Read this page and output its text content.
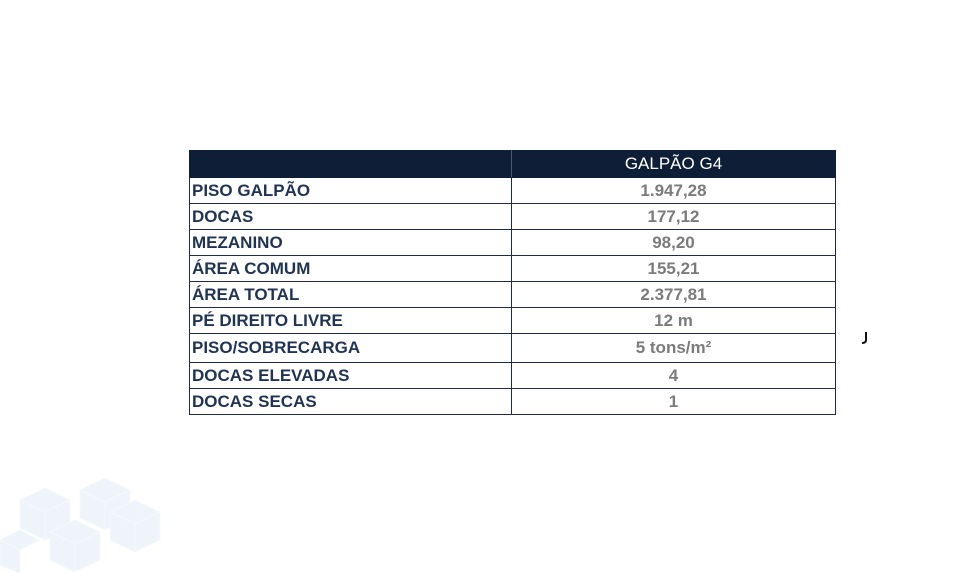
	GALPÃO G4
PISO GALPÃO	1.947,28
DOCAS	177,12
MEZANINO	98,20
ÁREA COMUM	155,21
ÁREA TOTAL	2.377,81
PÉ DIREITO LIVRE	12 m
PISO/SOBRECARGA	5 tons/m²
DOCAS ELEVADAS	4
DOCAS SECAS	1
